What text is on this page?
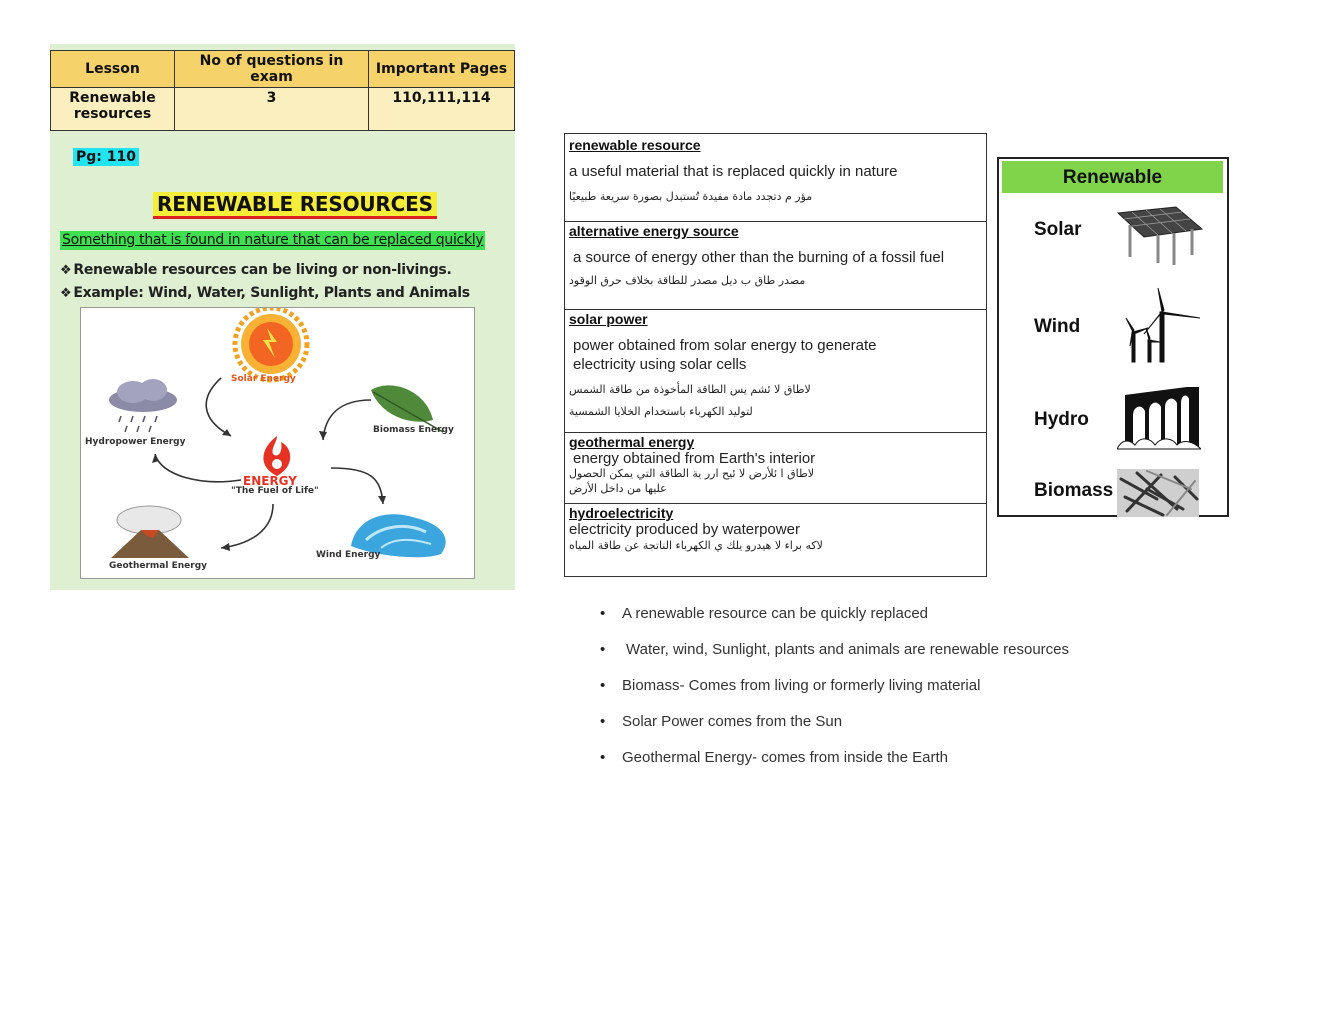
Lesson	No of questions in exam	Important Pages
Renewable resources	3	110,111,114
Pg: 110
RENEWABLE RESOURCES
Something that is found in nature that can be replaced quickly
❖ Renewable resources can be living or non-livings.
❖ Example: Wind, Water, Sunlight, Plants and Animals
Solar Energy
Hydropower Energy
Biomass Energy
ENERGY
"The Fuel of Life"
Geothermal Energy
Wind Energy
renewable resource
a useful material that is replaced quickly in nature
مؤر م دتجدد مادة مفيدة تُستبدل بصورة سريعة طبيعيًا
alternative energy source
a source of energy other than the burning of a fossil fuel
مصدر طاق ب ديل مصدر للطاقة بخلاف حرق الوقود
solar power
power obtained from solar energy to generate electricity using solar cells
لاطاق لا ئشم يس الطاقة المأخوذة من طاقة الشمس
لتوليد الكهرباء باستخدام الخلايا الشمسية
geothermal energy
energy obtained from Earth's interior
لاطاق ا ئلأرض لا ئيح ارر ية الطاقة التي يمكن الحصول
عليها من داخل الأرض
hydroelectricity
electricity produced by waterpower
لاكه براء لا هيدرو يلك ي الكهرباء الناتجة عن طاقة المياه
Renewable
Solar
Wind
Hydro
Biomass
• A renewable resource can be quickly replaced
• Water, wind, Sunlight, plants and animals are renewable resources
• Biomass- Comes from living or formerly living material
• Solar Power comes from the Sun
• Geothermal Energy- comes from inside the Earth
